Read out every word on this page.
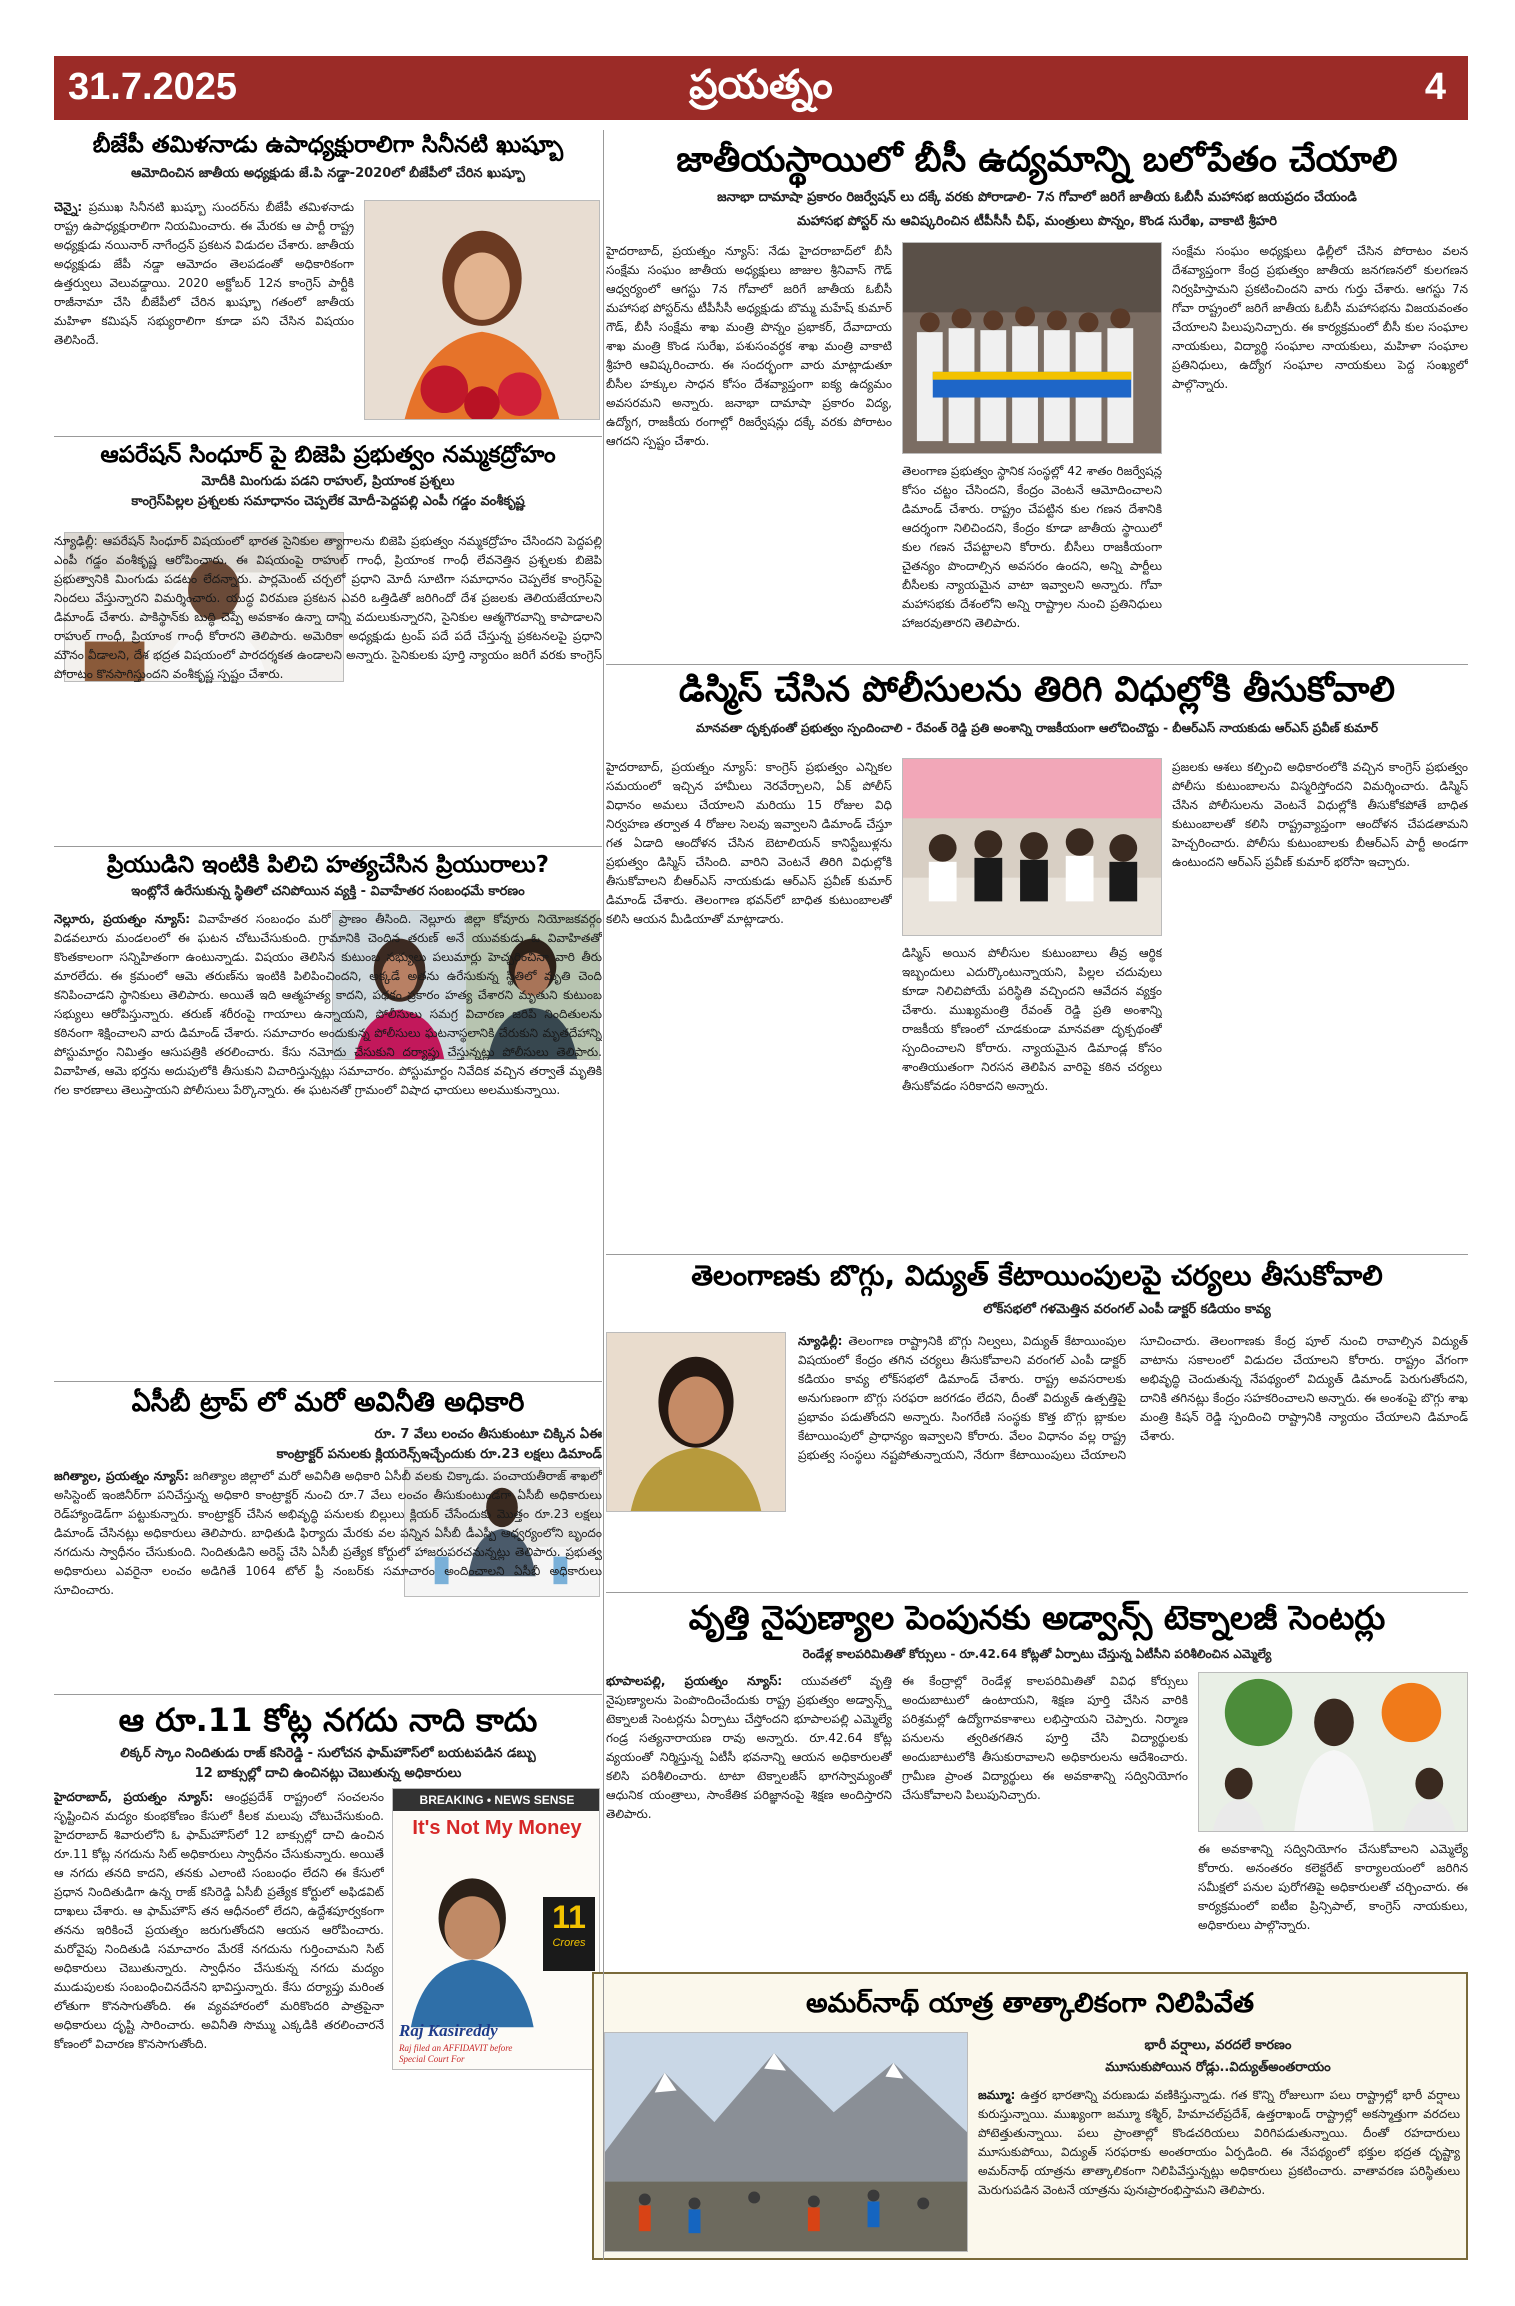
31.7.2025	ప్రయత్నం	4
బీజేపీ తమిళనాడు ఉపాధ్యక్షురాలిగా సినీనటి ఖుష్బూ
ఆమోదించిన జాతీయ అధ్యక్షుడు జే.పి నడ్డా-2020లో బీజేపీలో చేరిన ఖుష్బూ
చెన్నై: ప్రముఖ సినీనటి ఖుష్బూ సుందర్‌ను బీజేపీ తమిళనాడు రాష్ట్ర ఉపాధ్యక్షురాలిగా నియమించారు. ఈ మేరకు ఆ పార్టీ రాష్ట్ర అధ్యక్షుడు నయినార్ నాగేంద్రన్ ప్రకటన విడుదల చేశారు. జాతీయ అధ్యక్షుడు జేపీ నడ్డా ఆమోదం తెలపడంతో అధికారికంగా ఉత్తర్వులు వెలువడ్డాయి. 2020 అక్టోబర్ 12న కాంగ్రెస్ పార్టీకి రాజీనామా చేసి బీజేపీలో చేరిన ఖుష్బూ గతంలో జాతీయ మహిళా కమిషన్ సభ్యురాలిగా కూడా పని చేసిన విషయం తెలిసిందే.
ఆపరేషన్ సింధూర్ పై బిజెపి ప్రభుత్వం నమ్మకద్రోహం
మోదీకి మింగుడు పడని రాహుల్, ప్రియాంక ప్రశ్నలు
కాంగ్రెస్‌పిల్లల ప్రశ్నలకు సమాధానం చెప్పలేక మోదీ-పెద్దపల్లి ఎంపీ గడ్డం వంశీకృష్ణ
న్యూఢిల్లీ: ఆపరేషన్ సింధూర్ విషయంలో భారత సైనికుల త్యాగాలను బిజెపి ప్రభుత్వం నమ్మకద్రోహం చేసిందని పెద్దపల్లి ఎంపీ గడ్డం వంశీకృష్ణ ఆరోపించారు. ఈ విషయంపై రాహుల్ గాంధీ, ప్రియాంక గాంధీ లేవనెత్తిన ప్రశ్నలకు బిజెపి ప్రభుత్వానికి మింగుడు పడటం లేదన్నారు. పార్లమెంట్ చర్చలో ప్రధాని మోదీ సూటిగా సమాధానం చెప్పలేక కాంగ్రెస్‌పై నిందలు వేస్తున్నారని విమర్శించారు. యుద్ధ విరమణ ప్రకటన ఎవరి ఒత్తిడితో జరిగిందో దేశ ప్రజలకు తెలియజేయాలని డిమాండ్ చేశారు. పాకిస్థాన్‌కు బుద్ధి చెప్పే అవకాశం ఉన్నా దాన్ని వదులుకున్నారని, సైనికుల ఆత్మగౌరవాన్ని కాపాడాలని రాహుల్ గాంధీ, ప్రియాంక గాంధీ కోరారని తెలిపారు. అమెరికా అధ్యక్షుడు ట్రంప్ పదే పదే చేస్తున్న ప్రకటనలపై ప్రధాని మౌనం వీడాలని, దేశ భద్రత విషయంలో పారదర్శకత ఉండాలని అన్నారు. సైనికులకు పూర్తి న్యాయం జరిగే వరకు కాంగ్రెస్ పోరాటం కొనసాగిస్తుందని వంశీకృష్ణ స్పష్టం చేశారు.
ప్రియుడిని ఇంటికి పిలిచి హత్యచేసిన ప్రియురాలు?
ఇంట్లోనే ఉరేసుకున్న స్థితిలో చనిపోయిన వ్యక్తి - వివాహేతర సంబంధమే కారణం
నెల్లూరు, ప్రయత్నం న్యూస్: వివాహేతర సంబంధం మరో ప్రాణం తీసింది. నెల్లూరు జిల్లా కోవూరు నియోజకవర్గం విడవలూరు మండలంలో ఈ ఘటన చోటుచేసుకుంది. గ్రామానికి చెందిన తరుణ్ అనే యువకుడు ఓ వివాహితతో కొంతకాలంగా సన్నిహితంగా ఉంటున్నాడు. విషయం తెలిసిన కుటుంబ సభ్యులు పలుమార్లు హెచ్చరించినా వారి తీరు మారలేదు. ఈ క్రమంలో ఆమె తరుణ్‌ను ఇంటికి పిలిపించిందని, అక్కడే అతను ఉరేసుకున్న స్థితిలో మృతి చెంది కనిపించాడని స్థానికులు తెలిపారు. అయితే ఇది ఆత్మహత్య కాదని, పథకం ప్రకారం హత్య చేశారని మృతుని కుటుంబ సభ్యులు ఆరోపిస్తున్నారు. తరుణ్ శరీరంపై గాయాలు ఉన్నాయని, పోలీసులు సమగ్ర విచారణ జరిపి నిందితులను కఠినంగా శిక్షించాలని వారు డిమాండ్ చేశారు. సమాచారం అందుకున్న పోలీసులు ఘటనాస్థలానికి చేరుకుని మృతదేహాన్ని పోస్టుమార్టం నిమిత్తం ఆసుపత్రికి తరలించారు. కేసు నమోదు చేసుకుని దర్యాప్తు చేస్తున్నట్లు పోలీసులు తెలిపారు. వివాహిత, ఆమె భర్తను అదుపులోకి తీసుకుని విచారిస్తున్నట్లు సమాచారం. పోస్టుమార్టం నివేదిక వచ్చిన తర్వాతే మృతికి గల కారణాలు తెలుస్తాయని పోలీసులు పేర్కొన్నారు. ఈ ఘటనతో గ్రామంలో విషాద ఛాయలు అలముకున్నాయి.
ఏసీబీ ట్రాప్ లో మరో అవినీతి అధికారి
రూ. 7 వేలు లంచం తీసుకుంటూ చిక్కిన ఏఈ
కాంట్రాక్టర్ పనులకు క్లియరెన్స్‌ఇచ్చేందుకు రూ.23 లక్షలు డిమాండ్
జగిత్యాల, ప్రయత్నం న్యూస్: జగిత్యాల జిల్లాలో మరో అవినీతి అధికారి ఏసీబీ వలకు చిక్కాడు. పంచాయతీరాజ్ శాఖలో అసిస్టెంట్ ఇంజినీర్‌గా పనిచేస్తున్న అధికారి కాంట్రాక్టర్ నుంచి రూ.7 వేలు లంచం తీసుకుంటుండగా ఏసీబీ అధికారులు రెడ్‌హ్యాండెడ్‌గా పట్టుకున్నారు. కాంట్రాక్టర్ చేసిన అభివృద్ధి పనులకు బిల్లులు క్లియర్ చేసేందుకు మొత్తం రూ.23 లక్షలు డిమాండ్ చేసినట్లు అధికారులు తెలిపారు. బాధితుడి ఫిర్యాదు మేరకు వల పన్నిన ఏసీబీ డీఎస్పీ ఆధ్వర్యంలోని బృందం నగదును స్వాధీనం చేసుకుంది. నిందితుడిని అరెస్ట్ చేసి ఏసీబీ ప్రత్యేక కోర్టులో హాజరుపరచనున్నట్లు తెలిపారు. ప్రభుత్వ అధికారులు ఎవరైనా లంచం అడిగితే 1064 టోల్ ఫ్రీ నంబర్‌కు సమాచారం అందించాలని ఏసీబీ అధికారులు సూచించారు.
ఆ రూ.11 కోట్ల నగదు నాది కాదు
లిక్కర్ స్కాం నిందితుడు రాజ్ కసిరెడ్డి - సులోచన ఫామ్‌హౌస్‌లో బయటపడిన డబ్బు
12 బాక్సుల్లో దాచి ఉంచినట్లు చెబుతున్న అధికారులు
హైదరాబాద్, ప్రయత్నం న్యూస్: ఆంధ్రప్రదేశ్ రాష్ట్రంలో సంచలనం సృష్టించిన మద్యం కుంభకోణం కేసులో కీలక మలుపు చోటుచేసుకుంది. హైదరాబాద్ శివారులోని ఓ ఫామ్‌హౌస్‌లో 12 బాక్సుల్లో దాచి ఉంచిన రూ.11 కోట్ల నగదును సిట్ అధికారులు స్వాధీనం చేసుకున్నారు. అయితే ఆ నగదు తనది కాదని, తనకు ఎలాంటి సంబంధం లేదని ఈ కేసులో ప్రధాన నిందితుడిగా ఉన్న రాజ్ కసిరెడ్డి ఏసీబీ ప్రత్యేక కోర్టులో అఫిడవిట్ దాఖలు చేశారు. ఆ ఫామ్‌హౌస్ తన ఆధీనంలో లేదని, ఉద్దేశపూర్వకంగా తనను ఇరికించే ప్రయత్నం జరుగుతోందని ఆయన ఆరోపించారు. మరోవైపు నిందితుడి సమాచారం మేరకే నగదును గుర్తించామని సిట్ అధికారులు చెబుతున్నారు. స్వాధీనం చేసుకున్న నగదు మద్యం ముడుపులకు సంబంధించినదేనని భావిస్తున్నారు. కేసు దర్యాప్తు మరింత లోతుగా కొనసాగుతోంది. ఈ వ్యవహారంలో మరికొందరి పాత్రపైనా అధికారులు దృష్టి సారించారు. అవినీతి సొమ్ము ఎక్కడికి తరలించారనే కోణంలో విచారణ కొనసాగుతోంది.
BREAKING • NEWS SENSE
It's Not My Money
11
Crores
Raj Kasireddy
Raj filed an AFFIDAVIT before Special Court For
జాతీయస్థాయిలో బీసీ ఉద్యమాన్ని బలోపేతం చేయాలి
జనాభా దామాషా ప్రకారం రిజర్వేషన్ లు దక్కే వరకు పోరాడాలి- 7న గోవాలో జరిగే జాతీయ ఓబీసీ మహాసభ జయప్రదం చేయండి
మహాసభ పోస్టర్ ను ఆవిష్కరించిన టీపీసీసీ చీఫ్, మంత్రులు పొన్నం, కొండ సురేఖ, వాకాటి శ్రీహరి
హైదరాబాద్, ప్రయత్నం న్యూస్: నేడు హైదరాబాద్‌లో బీసీ సంక్షేమ సంఘం జాతీయ అధ్యక్షులు జాజుల శ్రీనివాస్ గౌడ్ ఆధ్వర్యంలో ఆగస్టు 7న గోవాలో జరిగే జాతీయ ఓబీసీ మహాసభ పోస్టర్‌ను టీపీసీసీ అధ్యక్షుడు బొమ్మ మహేష్ కుమార్ గౌడ్, బీసీ సంక్షేమ శాఖ మంత్రి పొన్నం ప్రభాకర్, దేవాదాయ శాఖ మంత్రి కొండ సురేఖ, పశుసంవర్ధక శాఖ మంత్రి వాకాటి శ్రీహరి ఆవిష్కరించారు. ఈ సందర్భంగా వారు మాట్లాడుతూ బీసీల హక్కుల సాధన కోసం దేశవ్యాప్తంగా ఐక్య ఉద్యమం అవసరమని అన్నారు. జనాభా దామాషా ప్రకారం విద్య, ఉద్యోగ, రాజకీయ రంగాల్లో రిజర్వేషన్లు దక్కే వరకు పోరాటం ఆగదని స్పష్టం చేశారు.
తెలంగాణ ప్రభుత్వం స్థానిక సంస్థల్లో 42 శాతం రిజర్వేషన్ల కోసం చట్టం చేసిందని, కేంద్రం వెంటనే ఆమోదించాలని డిమాండ్ చేశారు. రాష్ట్రం చేపట్టిన కుల గణన దేశానికి ఆదర్శంగా నిలిచిందని, కేంద్రం కూడా జాతీయ స్థాయిలో కుల గణన చేపట్టాలని కోరారు. బీసీలు రాజకీయంగా చైతన్యం పొందాల్సిన అవసరం ఉందని, అన్ని పార్టీలు బీసీలకు న్యాయమైన వాటా ఇవ్వాలని అన్నారు. గోవా మహాసభకు దేశంలోని అన్ని రాష్ట్రాల నుంచి ప్రతినిధులు హాజరవుతారని తెలిపారు.
సంక్షేమ సంఘం అధ్యక్షులు ఢిల్లీలో చేసిన పోరాటం వలన దేశవ్యాప్తంగా కేంద్ర ప్రభుత్వం జాతీయ జనగణనలో కులగణన నిర్వహిస్తామని ప్రకటించిందని వారు గుర్తు చేశారు. ఆగస్టు 7న గోవా రాష్ట్రంలో జరిగే జాతీయ ఓబీసీ మహాసభను విజయవంతం చేయాలని పిలుపునిచ్చారు. ఈ కార్యక్రమంలో బీసీ కుల సంఘాల నాయకులు, విద్యార్థి సంఘాల నాయకులు, మహిళా సంఘాల ప్రతినిధులు, ఉద్యోగ సంఘాల నాయకులు పెద్ద సంఖ్యలో పాల్గొన్నారు.
డిస్మిస్ చేసిన పోలీసులను తిరిగి విధుల్లోకి తీసుకోవాలి
మానవతా దృక్పథంతో ప్రభుత్వం స్పందించాలి - రేవంత్ రెడ్డి ప్రతి అంశాన్ని రాజకీయంగా ఆలోచించొద్దు - బీఆర్ఎస్ నాయకుడు ఆర్ఎస్ ప్రవీణ్ కుమార్
హైదరాబాద్, ప్రయత్నం న్యూస్: కాంగ్రెస్ ప్రభుత్వం ఎన్నికల సమయంలో ఇచ్చిన హామీలు నెరవేర్చాలని, ఏక్ పోలీస్ విధానం అమలు చేయాలని మరియు 15 రోజుల విధి నిర్వహణ తర్వాత 4 రోజుల సెలవు ఇవ్వాలని డిమాండ్ చేస్తూ గత ఏడాది ఆందోళన చేసిన బెటాలియన్ కానిస్టేబుళ్లను ప్రభుత్వం డిస్మిస్ చేసింది. వారిని వెంటనే తిరిగి విధుల్లోకి తీసుకోవాలని బీఆర్ఎస్ నాయకుడు ఆర్ఎస్ ప్రవీణ్ కుమార్ డిమాండ్ చేశారు. తెలంగాణ భవన్‌లో బాధిత కుటుంబాలతో కలిసి ఆయన మీడియాతో మాట్లాడారు.
డిస్మిస్ అయిన పోలీసుల కుటుంబాలు తీవ్ర ఆర్థిక ఇబ్బందులు ఎదుర్కొంటున్నాయని, పిల్లల చదువులు కూడా నిలిచిపోయే పరిస్థితి వచ్చిందని ఆవేదన వ్యక్తం చేశారు. ముఖ్యమంత్రి రేవంత్ రెడ్డి ప్రతి అంశాన్ని రాజకీయ కోణంలో చూడకుండా మానవతా దృక్పథంతో స్పందించాలని కోరారు. న్యాయమైన డిమాండ్ల కోసం శాంతియుతంగా నిరసన తెలిపిన వారిపై కఠిన చర్యలు తీసుకోవడం సరికాదని అన్నారు.
ప్రజలకు ఆశలు కల్పించి అధికారంలోకి వచ్చిన కాంగ్రెస్ ప్రభుత్వం పోలీసు కుటుంబాలను విస్మరిస్తోందని విమర్శించారు. డిస్మిస్ చేసిన పోలీసులను వెంటనే విధుల్లోకి తీసుకోకపోతే బాధిత కుటుంబాలతో కలిసి రాష్ట్రవ్యాప్తంగా ఆందోళన చేపడతామని హెచ్చరించారు. పోలీసు కుటుంబాలకు బీఆర్ఎస్ పార్టీ అండగా ఉంటుందని ఆర్ఎస్ ప్రవీణ్ కుమార్ భరోసా ఇచ్చారు.
తెలంగాణకు బొగ్గు, విద్యుత్ కేటాయింపులపై చర్యలు తీసుకోవాలి
లోక్‌సభలో గళమెత్తిన వరంగల్ ఎంపీ డాక్టర్ కడియం కావ్య
న్యూఢిల్లీ: తెలంగాణ రాష్ట్రానికి బొగ్గు నిల్వలు, విద్యుత్ కేటాయింపుల విషయంలో కేంద్రం తగిన చర్యలు తీసుకోవాలని వరంగల్ ఎంపీ డాక్టర్ కడియం కావ్య లోక్‌సభలో డిమాండ్ చేశారు. రాష్ట్ర అవసరాలకు అనుగుణంగా బొగ్గు సరఫరా జరగడం లేదని, దీంతో విద్యుత్ ఉత్పత్తిపై ప్రభావం పడుతోందని అన్నారు. సింగరేణి సంస్థకు కొత్త బొగ్గు బ్లాకుల కేటాయింపులో ప్రాధాన్యం ఇవ్వాలని కోరారు. వేలం విధానం వల్ల రాష్ట్ర ప్రభుత్వ సంస్థలు నష్టపోతున్నాయని, నేరుగా కేటాయింపులు చేయాలని సూచించారు. తెలంగాణకు కేంద్ర పూల్ నుంచి రావాల్సిన విద్యుత్ వాటాను సకాలంలో విడుదల చేయాలని కోరారు. రాష్ట్రం వేగంగా అభివృద్ధి చెందుతున్న నేపథ్యంలో విద్యుత్ డిమాండ్ పెరుగుతోందని, దానికి తగినట్లు కేంద్రం సహకరించాలని అన్నారు. ఈ అంశంపై బొగ్గు శాఖ మంత్రి కిషన్ రెడ్డి స్పందించి రాష్ట్రానికి న్యాయం చేయాలని డిమాండ్ చేశారు.
వృత్తి నైపుణ్యాల పెంపునకు అడ్వాన్స్ టెక్నాలజీ సెంటర్లు
రెండేళ్ల కాలపరిమితితో కోర్సులు - రూ.42.64 కోట్లతో ఏర్పాటు చేస్తున్న ఏటీసీని పరిశీలించిన ఎమ్మెల్యే
భూపాలపల్లి, ప్రయత్నం న్యూస్: యువతలో వృత్తి నైపుణ్యాలను పెంపొందించేందుకు రాష్ట్ర ప్రభుత్వం అడ్వాన్స్డ్ టెక్నాలజీ సెంటర్లను ఏర్పాటు చేస్తోందని భూపాలపల్లి ఎమ్మెల్యే గండ్ర సత్యనారాయణ రావు అన్నారు. రూ.42.64 కోట్ల వ్యయంతో నిర్మిస్తున్న ఏటీసీ భవనాన్ని ఆయన అధికారులతో కలిసి పరిశీలించారు. టాటా టెక్నాలజీస్ భాగస్వామ్యంతో ఆధునిక యంత్రాలు, సాంకేతిక పరిజ్ఞానంపై శిక్షణ అందిస్తారని తెలిపారు.
ఈ కేంద్రాల్లో రెండేళ్ల కాలపరిమితితో వివిధ కోర్సులు అందుబాటులో ఉంటాయని, శిక్షణ పూర్తి చేసిన వారికి పరిశ్రమల్లో ఉద్యోగావకాశాలు లభిస్తాయని చెప్పారు. నిర్మాణ పనులను త్వరితగతిన పూర్తి చేసి విద్యార్థులకు అందుబాటులోకి తీసుకురావాలని అధికారులను ఆదేశించారు. గ్రామీణ ప్రాంత విద్యార్థులు ఈ అవకాశాన్ని సద్వినియోగం చేసుకోవాలని పిలుపునిచ్చారు.
ఈ అవకాశాన్ని సద్వినియోగం చేసుకోవాలని ఎమ్మెల్యే కోరారు. అనంతరం కలెక్టరేట్ కార్యాలయంలో జరిగిన సమీక్షలో పనుల పురోగతిపై అధికారులతో చర్చించారు. ఈ కార్యక్రమంలో ఐటీఐ ప్రిన్సిపాల్, కాంగ్రెస్ నాయకులు, అధికారులు పాల్గొన్నారు.
అమర్‌నాథ్ యాత్ర తాత్కాలికంగా నిలిపివేత
భారీ వర్షాలు, వరదలే కారణం
మూసుకుపోయిన రోడ్లు..విద్యుత్‌అంతరాయం
జమ్మూ: ఉత్తర భారతాన్ని వరుణుడు వణికిస్తున్నాడు. గత కొన్ని రోజులుగా పలు రాష్ట్రాల్లో భారీ వర్షాలు కురుస్తున్నాయి. ముఖ్యంగా జమ్మూ కశ్మీర్, హిమాచల్‌ప్రదేశ్, ఉత్తరాఖండ్ రాష్ట్రాల్లో అకస్మాత్తుగా వరదలు పోటెత్తుతున్నాయి. పలు ప్రాంతాల్లో కొండచరియలు విరిగిపడుతున్నాయి. దీంతో రహదారులు మూసుకుపోయి, విద్యుత్ సరఫరాకు అంతరాయం ఏర్పడింది. ఈ నేపథ్యంలో భక్తుల భద్రత దృష్ట్యా అమర్‌నాథ్ యాత్రను తాత్కాలికంగా నిలిపివేస్తున్నట్లు అధికారులు ప్రకటించారు. వాతావరణ పరిస్థితులు మెరుగుపడిన వెంటనే యాత్రను పునఃప్రారంభిస్తామని తెలిపారు.
